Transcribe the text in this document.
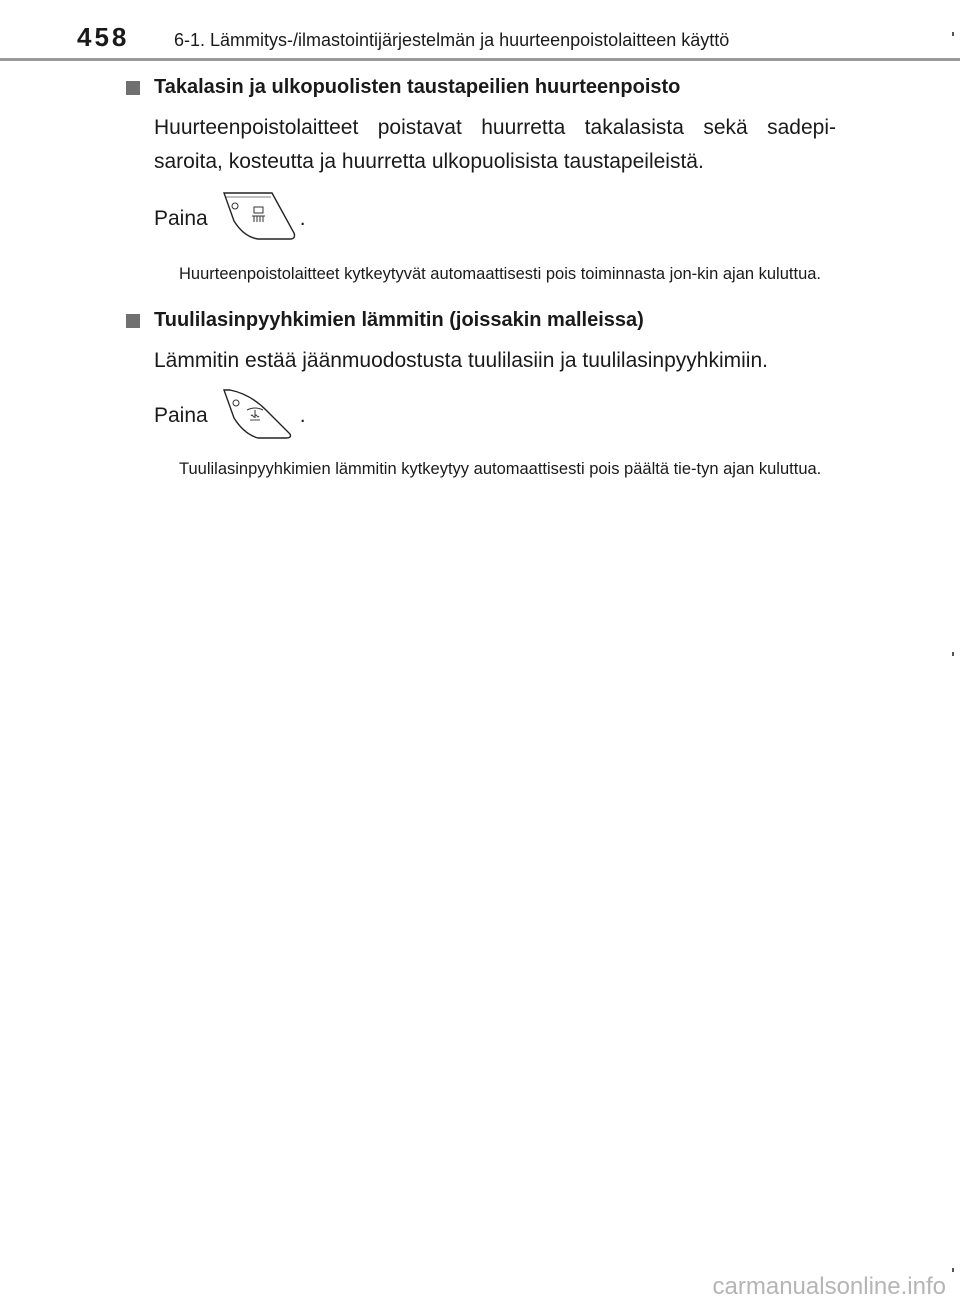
458 6-1. Lämmitys-/ilmastointijärjestelmän ja huurteenpoistolaitteen käyttö
Takalasin ja ulkopuolisten taustapeilien huurteenpoisto
Huurteenpoistolaitteet poistavat huurretta takalasista sekä sadepi-saroita, kosteutta ja huurretta ulkopuolisista taustapeileistä.
Paina	.
Huurteenpoistolaitteet kytkeytyvät automaattisesti pois toiminnasta jon-kin ajan kuluttua.
Tuulilasinpyyhkimien lämmitin (joissakin malleissa)
Lämmitin estää jäänmuodostusta tuulilasiin ja tuulilasinpyyhkimiin.
Paina	.
Tuulilasinpyyhkimien lämmitin kytkeytyy automaattisesti pois päältä tie-tyn ajan kuluttua.
carmanualsonline.info
